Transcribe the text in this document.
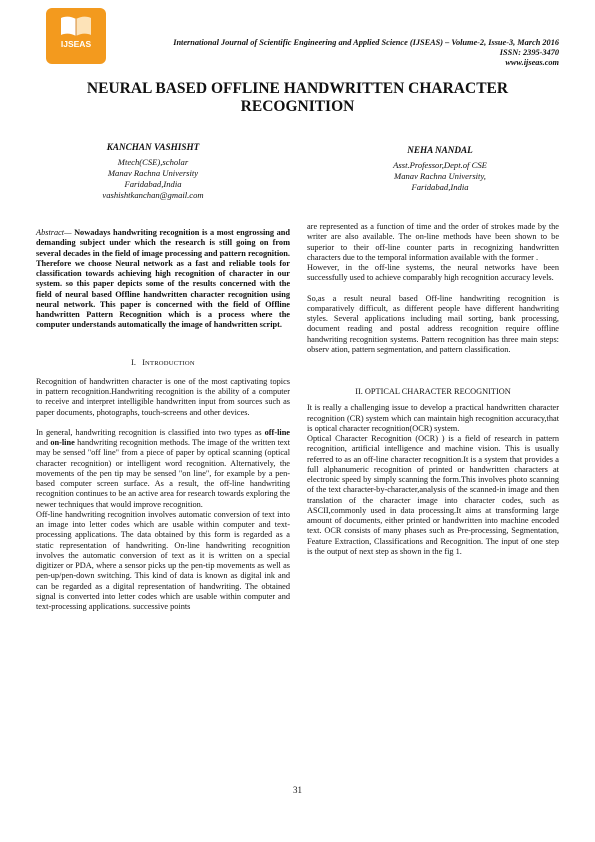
IJSEAS	International Journal of Scientific Engineering and Applied Science (IJSEAS) – Volume-2, Issue-3, March 2016
ISSN: 2395-3470
www.ijseas.com
NEURAL BASED OFFLINE HANDWRITTEN CHARACTER RECOGNITION
KANCHAN VASHISHT
Mtech(CSE),scholar
Manav Rachna University
Faridabad,India
vashishtkanchan@gmail.com
NEHA NANDAL
Asst.Professor,Dept.of CSE
Manav Rachna University,
Faridabad,India

Abstract— Nowadays handwriting recognition is a most engrossing and demanding subject under which the research is still going on from several decades in the field of image processing and pattern recognition. Therefore we choose Neural network as a fast and reliable tools for classification towards achieving high recognition of character in our system. so this paper depicts some of the results concerned with the field of neural based Offline handwritten character recognition using neural network. This paper is concerned with the field of Offline handwritten Pattern Recognition which is a process where the computer understands automatically the image of handwritten script.

I. INTRODUCTION

Recognition of handwritten character is one of the most captivating topics in pattern recognition.Handwriting recognition is the ability of a computer to receive and interpret intelligible handwritten input from sources such as paper documents, photographs, touch-screens and other devices.

In general, handwriting recognition is classified into two types as off-line and on-line handwriting recognition methods. The image of the written text may be sensed "off line" from a piece of paper by optical scanning (optical character recognition) or intelligent word recognition. Alternatively, the movements of the pen tip may be sensed "on line", for example by a pen-based computer screen surface. As a result, the off-line handwriting recognition continues to be an active area for research towards exploring the newer techniques that would improve recognition.

Off-line handwriting recognition involves automatic conversion of text into an image into letter codes which are usable within computer and text-processing applications. The data obtained by this form is regarded as a static representation of handwriting. On-line handwriting recognition involves the automatic conversion of text as it is written on a special digitizer or PDA, where a sensor picks up the pen-tip movements as well as pen-up/pen-down switching. This kind of data is known as digital ink and can be regarded as a digital representation of handwriting. The obtained signal is converted into letter codes which are usable within computer and text-processing applications. successive points

are represented as a function of time and the order of strokes made by the writer are also available. The on-line methods have been shown to be superior to their off-line counter parts in recognizing handwritten characters due to the temporal information available with the former .

However, in the off-line systems, the neural networks have been successfully used to achieve comparably high recognition accuracy levels.

So,as a result neural based Off-line handwriting recognition is comparatively difficult, as different people have different handwriting styles. Several applications including mail sorting, bank processing, document reading and postal address recognition require offline handwriting recognition systems. Pattern recognition has three main steps: observ ation, pattern segmentation, and pattern classification.

II. OPTICAL CHARACTER RECOGNITION

It is really a challenging issue to develop a practical handwritten character recognition (CR) system which can maintain high recognition accuracy,that is optical character recognition(OCR) system.

Optical Character Recognition (OCR) ) is a field of research in pattern recognition, artificial intelligence and machine vision. This is usually referred to as an off-line character recognition.It is a system that provides a full alphanumeric recognition of printed or handwritten characters at electronic speed by simply scanning the form.This involves photo scanning of the text character-by-character,analysis of the scanned-in image and then translation of the character image into character codes, such as ASCII,commonly used in data processing.It aims at transforming large amount of documents, either printed or handwritten into machine encoded text. OCR consists of many phases such as Pre-processing, Segmentation, Feature Extraction, Classifications and Recognition. The input of one step is the output of next step as shown in the fig 1.

31
